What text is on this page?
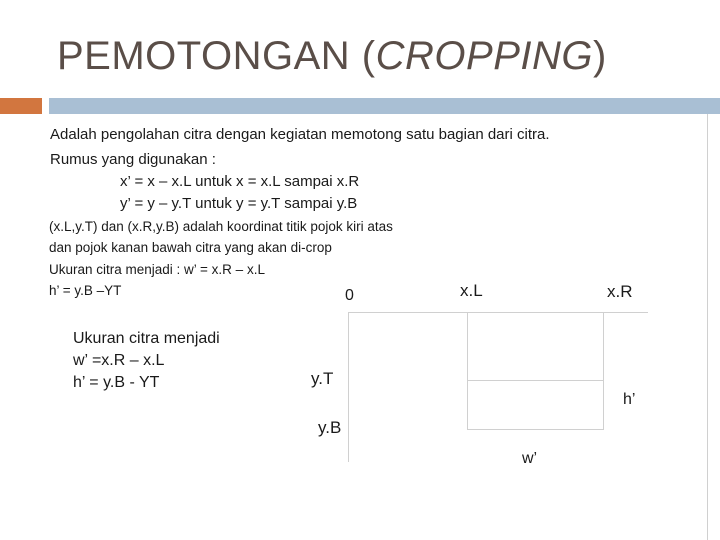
PEMOTONGAN (CROPPING)
Adalah pengolahan citra dengan kegiatan memotong satu bagian dari citra.
Rumus yang digunakan :
x’ = x – x.L untuk x = x.L sampai x.R
y’ = y – y.T untuk y = y.T sampai y.B
(x.L,y.T) dan (x.R,y.B) adalah koordinat titik pojok kiri atas
dan pojok kanan bawah citra yang akan di-crop
Ukuran citra menjadi : w’ = x.R – x.L
h’ = y.B –YT
Ukuran citra menjadi
w’ =x.R – x.L
h’ = y.B - YT
0	x.L	x.R
y.T
y.B
h’
w’
